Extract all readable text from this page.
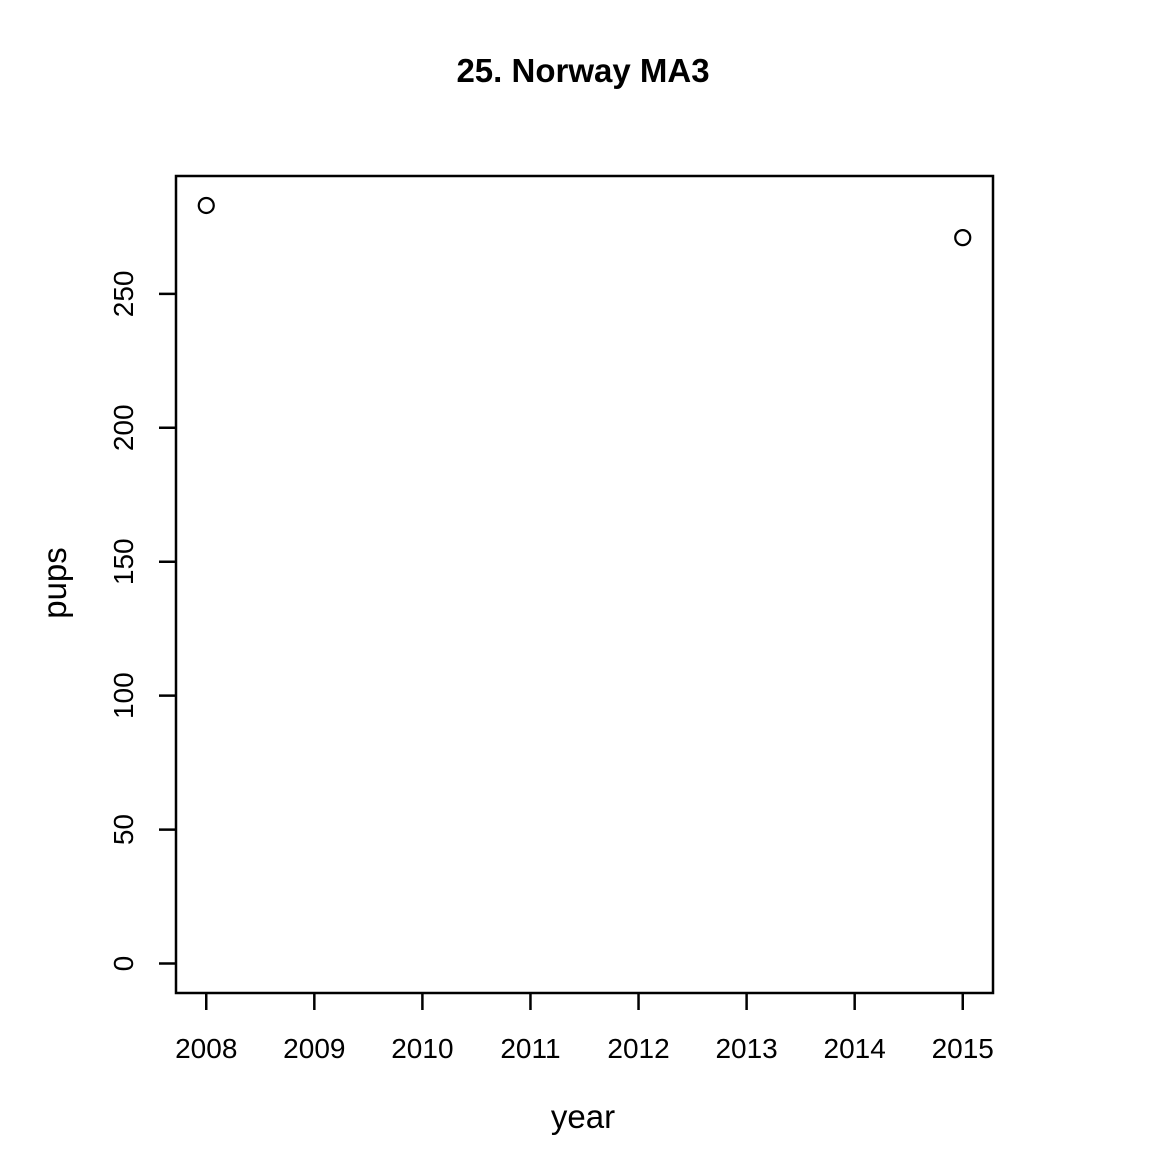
25. Norway MA3
2008 2009 2010 2011 2012 2013 2014 2015
0
50
100
150
200
250
year
pups
